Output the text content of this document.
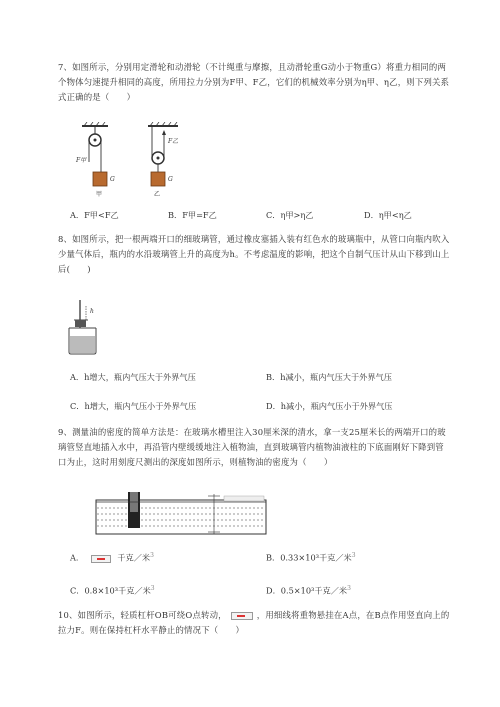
7、如图所示，分别用定滑轮和动滑轮（不计绳重与摩擦，且动滑轮重G动小于物重G）将重力相同的两个物体匀速提升相同的高度，所用拉力分别为F甲、F乙，它们的机械效率分别为η甲、η乙，则下列关系式正确的是（　　）
F甲
G
甲
F乙
G
乙
A．F甲<F乙	B．F甲=F乙	C．η甲>η乙	D．η甲<η乙
8、如图所示，把一根两端开口的细玻璃管，通过橡皮塞插入装有红色水的玻璃瓶中，从管口向瓶内吹入少量气体后，瓶内的水沿玻璃管上升的高度为h。不考虑温度的影响，把这个自制气压计从山下移到山上后(　　)
h
A．h增大，瓶内气压大于外界气压	B．h减小，瓶内气压大于外界气压
C．h增大，瓶内气压小于外界气压	D．h减小，瓶内气压小于外界气压
9、测量油的密度的简单方法是：在玻璃水槽里注入30厘米深的清水，拿一支25厘米长的两端开口的玻璃管竖直地插入水中，再沿管内壁缓缓地注入植物油，直到玻璃管内植物油液柱的下底面刚好下降到管口为止，这时用刻度尺测出的深度如图所示，则植物油的密度为（　　）
A．	千克／米$^3$	B．0.33×10³千克／米$^3$
C．0.8×10³千克／米$^3$	D．0.5×10³千克／米$^3$
10、如图所示，轻质杠杆OB可绕O点转动，	，用细线将重物悬挂在A点，在B点作用竖直向上的拉力F。则在保持杠杆水平静止的情况下（　　）
